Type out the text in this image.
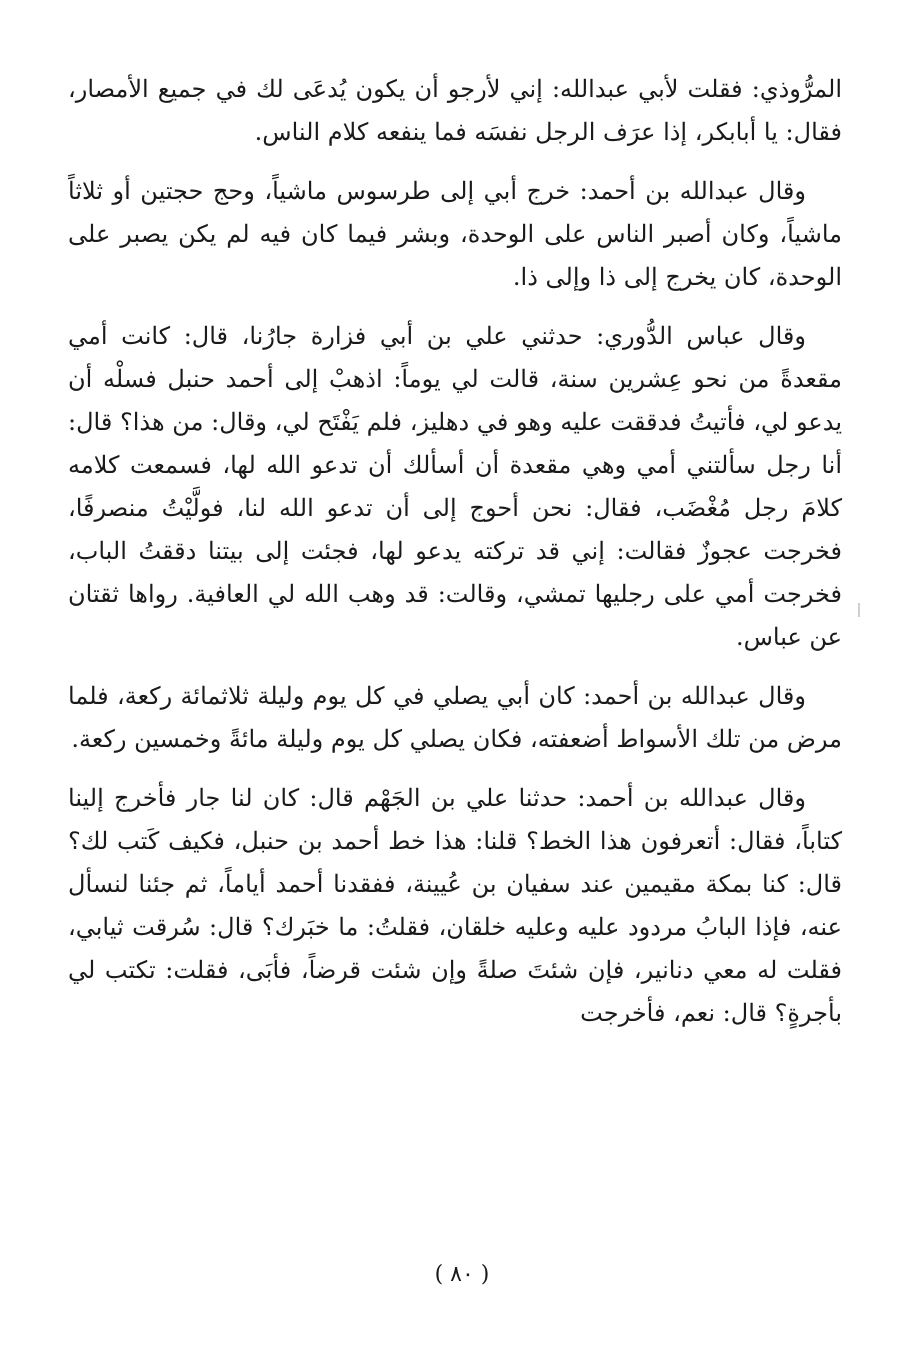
المرُّوذي: فقلت لأبي عبدالله: إني لأرجو أن يكون يُدعَى لك في جميع الأمصار، فقال: يا أبابكر، إذا عرَف الرجل نفسَه فما ينفعه كلام الناس.

وقال عبدالله بن أحمد: خرج أبي إلى طرسوس ماشياً، وحج حجتين أو ثلاثاً ماشياً، وكان أصبر الناس على الوحدة، وبشر فيما كان فيه لم يكن يصبر على الوحدة، كان يخرج إلى ذا وإلى ذا.

وقال عباس الدُّوري: حدثني علي بن أبي فزارة جارُنا، قال: كانت أمي مقعدةً من نحو عِشرين سنة، قالت لي يوماً: اذهبْ إلى أحمد حنبل فسلْه أن يدعو لي، فأتيتُ فدققت عليه وهو في دهليز، فلم يَفْتَح لي، وقال: من هذا؟ قال: أنا رجل سألتني أمي وهي مقعدة أن أسألك أن تدعو الله لها، فسمعت كلامه كلامَ رجل مُغْضَب، فقال: نحن أحوج إلى أن تدعو الله لنا، فولَّيْتُ منصرفًا، فخرجت عجوزٌ فقالت: إني قد تركته يدعو لها، فجئت إلى بيتنا دققتُ الباب، فخرجت أمي على رجليها تمشي، وقالت: قد وهب الله لي العافية. رواها ثقتان عن عباس.

وقال عبدالله بن أحمد: كان أبي يصلي في كل يوم وليلة ثلاثمائة ركعة، فلما مرض من تلك الأسواط أضعفته، فكان يصلي كل يوم وليلة مائةً وخمسين ركعة.

وقال عبدالله بن أحمد: حدثنا علي بن الجَهْم قال: كان لنا جار فأخرج إلينا كتاباً، فقال: أتعرفون هذا الخط؟ قلنا: هذا خط أحمد بن حنبل، فكيف كَتب لك؟ قال: كنا بمكة مقيمين عند سفيان بن عُيينة، ففقدنا أحمد أياماً، ثم جئنا لنسأل عنه، فإذا البابُ مردود عليه وعليه خلقان، فقلتُ: ما خبَرك؟ قال: سُرقت ثيابي، فقلت له معي دنانير، فإن شئتَ صلةً وإن شئت قرضاً، فأبَى، فقلت: تكتب لي بأجرةٍ؟ قال: نعم، فأخرجت

( ٨٠ )
